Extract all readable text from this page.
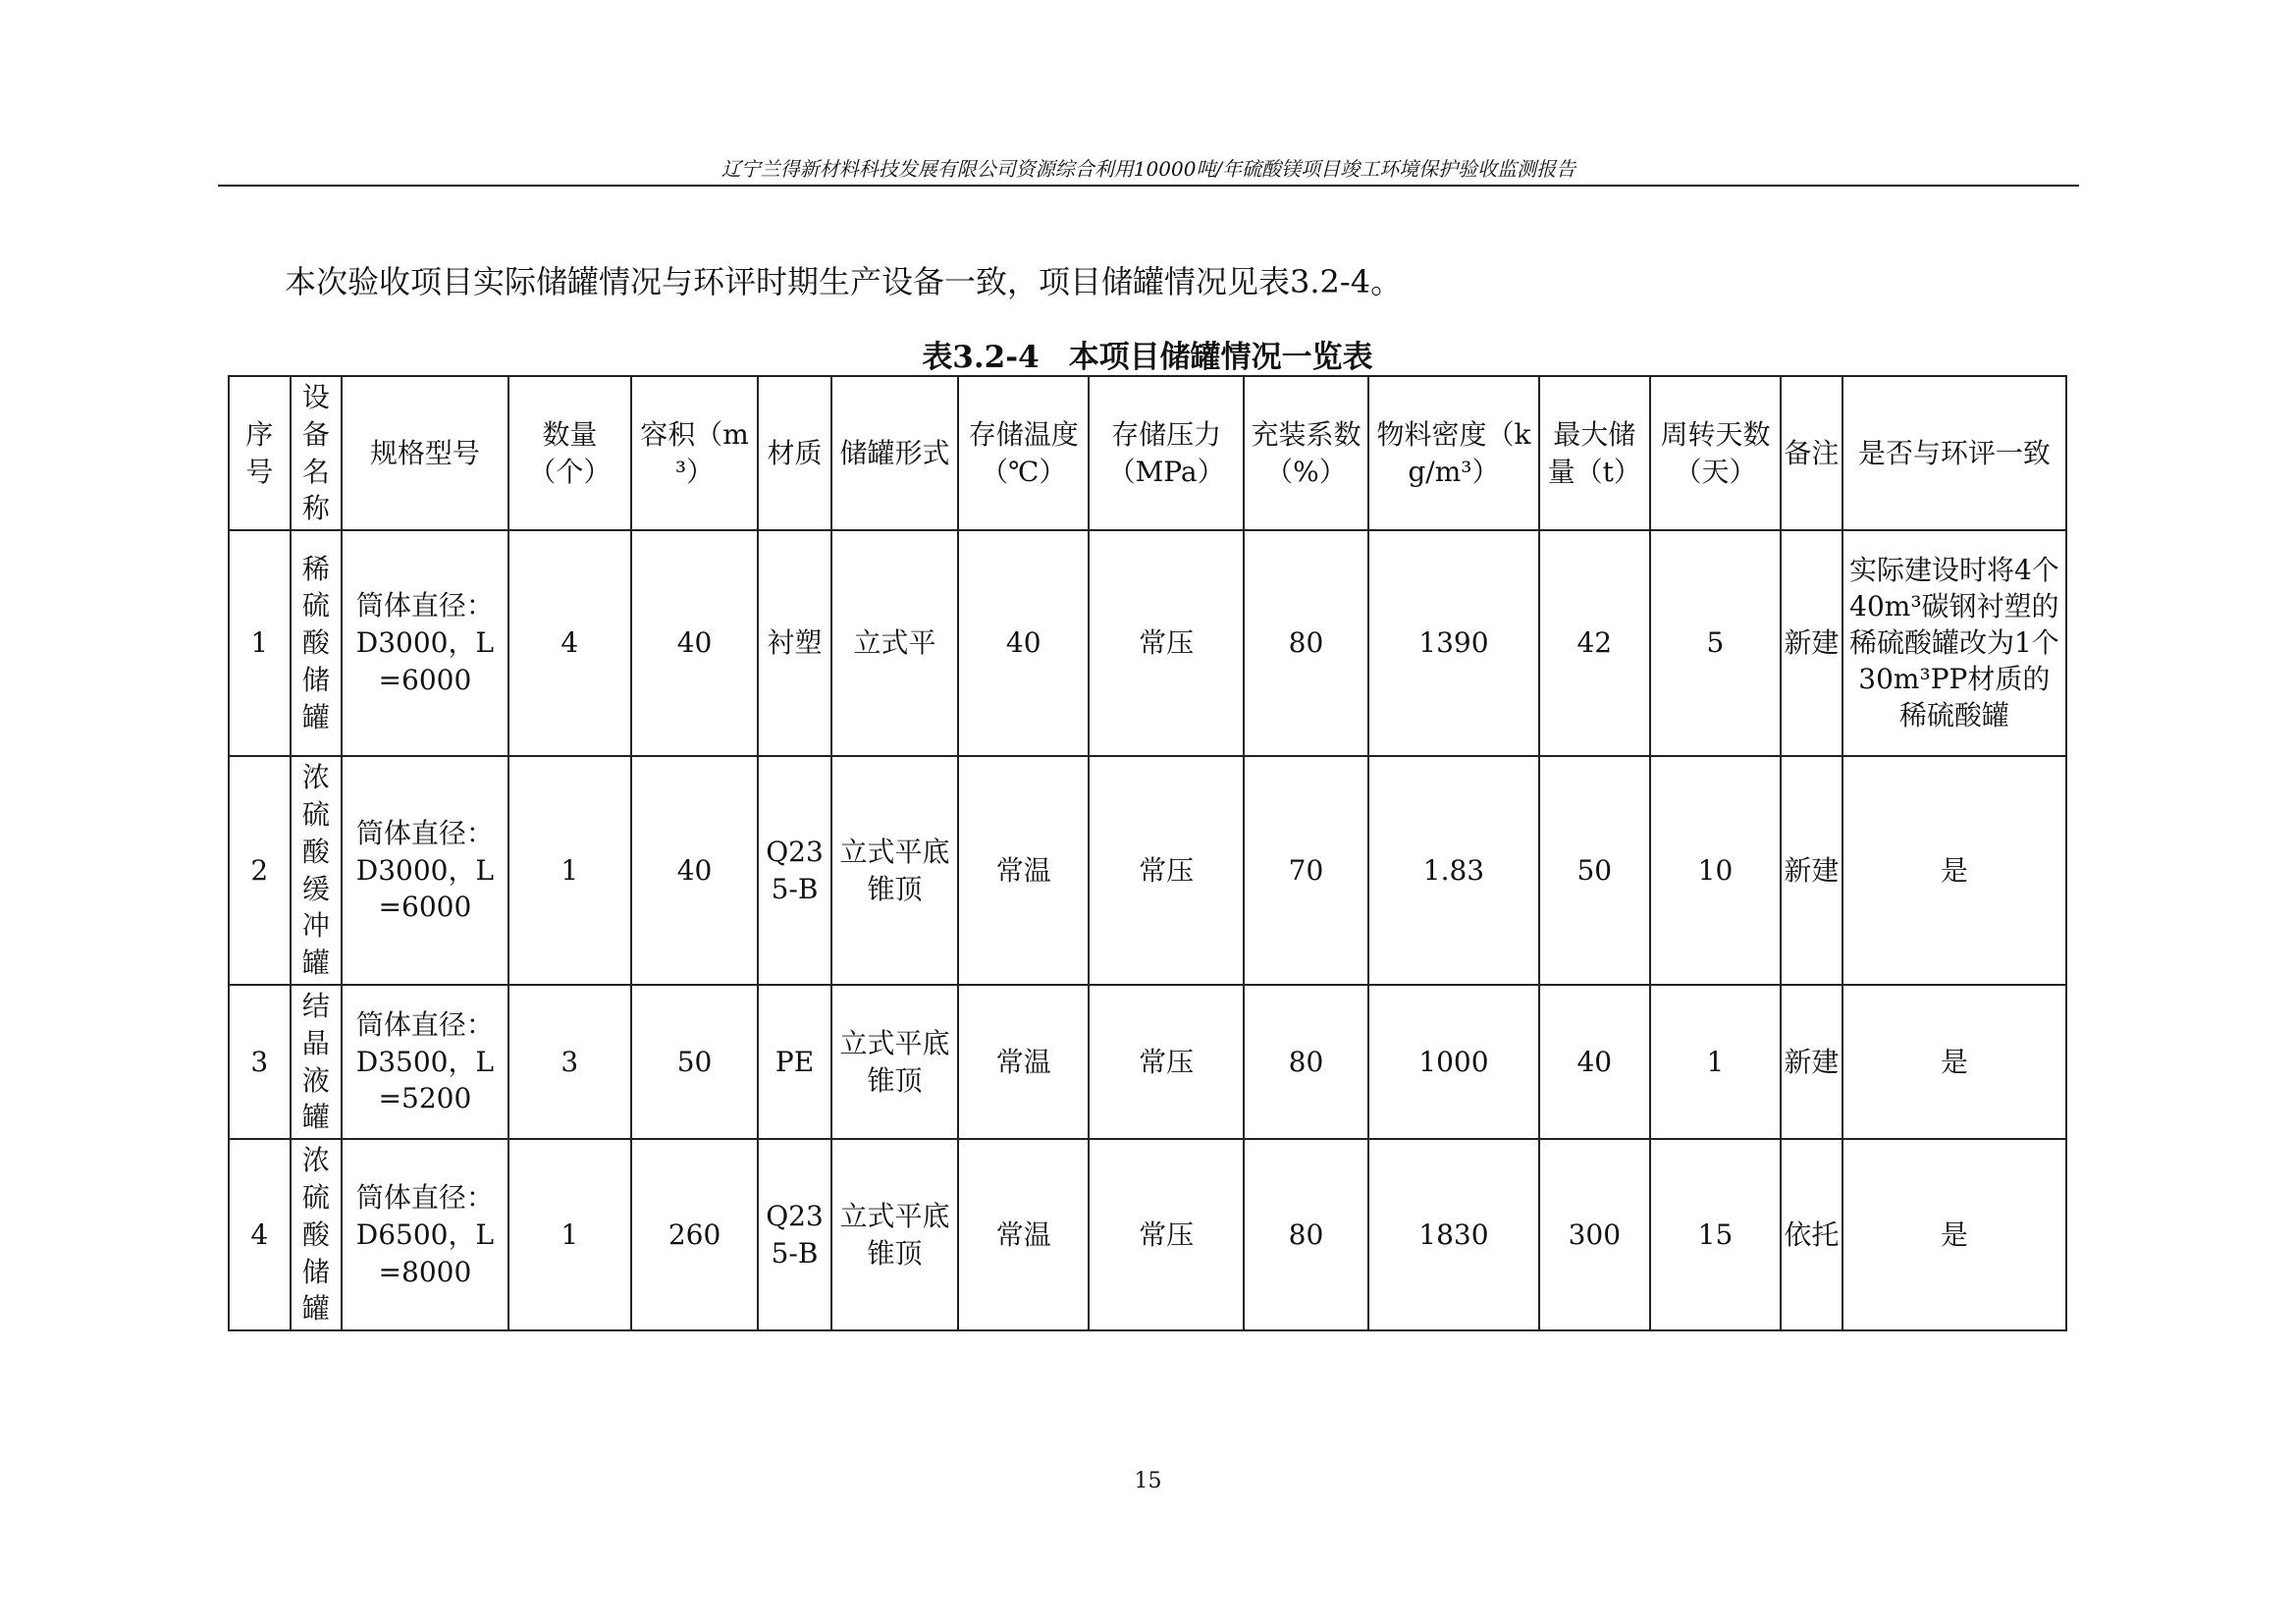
辽宁兰得新材料科技发展有限公司资源综合利用10000吨/年硫酸镁项目竣工环境保护验收监测报告
本次验收项目实际储罐情况与环评时期生产设备一致，项目储罐情况见表3.2-4。
表3.2-4 本项目储罐情况一览表
序号	设备名称	规格型号	数量（个）	容积（m³）	材质	储罐形式	存储温度（℃）	存储压力（MPa）	充装系数（%）	物料密度（kg/m³）	最大储量（t）	周转天数（天）	备注	是否与环评一致
1	稀硫酸储罐	筒体直径：D3000，L=6000	4	40	衬塑	立式平	40	常压	80	1390	42	5	新建	实际建设时将4个40m³碳钢衬塑的稀硫酸罐改为1个30m³PP材质的稀硫酸罐
2	浓硫酸缓冲罐	筒体直径：D3000，L=6000	1	40	Q235-B	立式平底锥顶	常温	常压	70	1.83	50	10	新建	是
3	结晶液罐	筒体直径：D3500，L=5200	3	50	PE	立式平底锥顶	常温	常压	80	1000	40	1	新建	是
4	浓硫酸储罐	筒体直径：D6500，L=8000	1	260	Q235-B	立式平底锥顶	常温	常压	80	1830	300	15	依托	是
15
